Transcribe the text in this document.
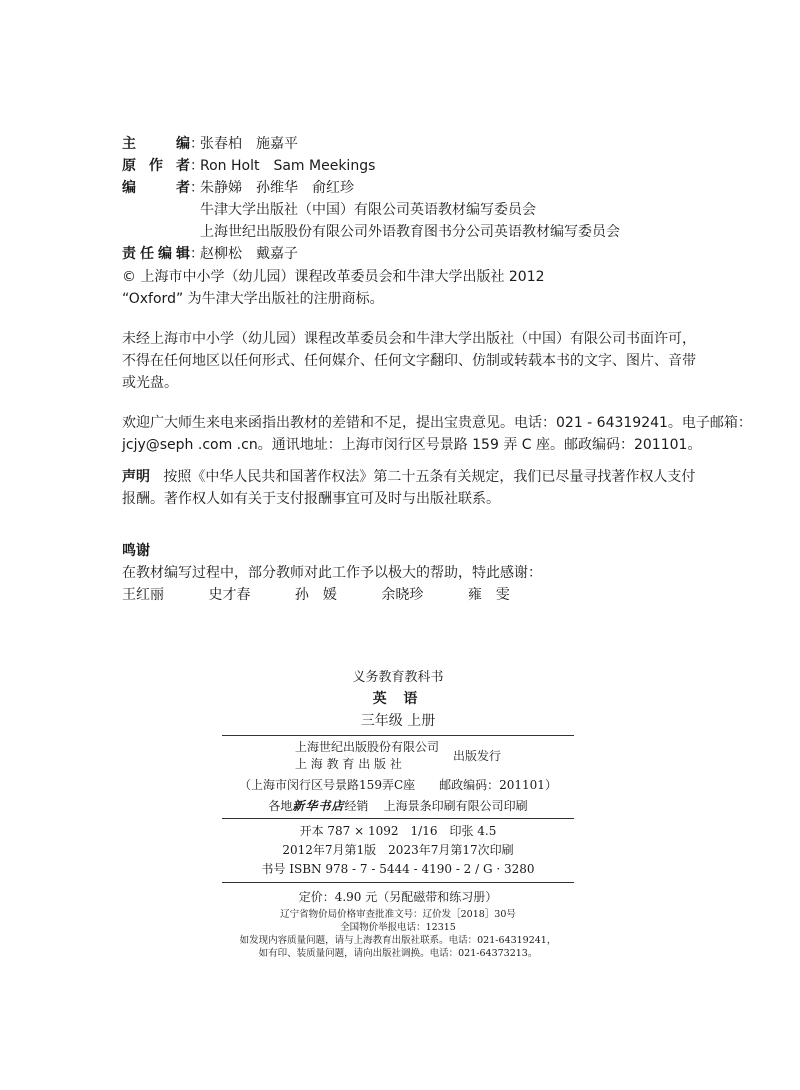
主	编 ：
张春柏　施嘉平
原 作 者 ：
Ron Holt　Sam Meekings
编	者 ：
朱静娣　孙维华　俞红珍
牛津大学出版社（中国）有限公司英语教材编写委员会
上海世纪出版股份有限公司外语教育图书分公司英语教材编写委员会
责 任 编 辑 ：
赵柳松　戴嘉子
© 上海市中小学（幼儿园）课程改革委员会和牛津大学出版社 2012
“Oxford” 为牛津大学出版社的注册商标。
未经上海市中小学（幼儿园）课程改革委员会和牛津大学出版社（中国）有限公司书面许可，
不得在任何地区以任何形式、任何媒介、任何文字翻印、仿制或转载本书的文字、图片、音带
或光盘。
欢迎广大师生来电来函指出教材的差错和不足，提出宝贵意见。电话：021 - 64319241。电子邮箱：
jcjy@seph .com .cn。通讯地址：上海市闵行区号景路 159 弄 C 座。邮政编码：201101。
声明 按照《中华人民共和国著作权法》第二十五条有关规定，我们已尽量寻找著作权人支付
报酬。著作权人如有关于支付报酬事宜可及时与出版社联系。
鸣谢
在教材编写过程中，部分教师对此工作予以极大的帮助，特此感谢：
王红丽	史才春	孙　媛	余晓珍	雍　雯
义务教育教科书
英 语
三年级 上册
上海世纪出版股份有限公司
上 海 教 育 出 版 社
出版发行
（上海市闵行区号景路159弄C座　　邮政编码：201101）
各地新华书店经销 上海景条印刷有限公司印刷
开本 787 × 1092　1/16　印张 4.5
2012年7月第1版　2023年7月第17次印刷
书号 ISBN 978 - 7 - 5444 - 4190 - 2 / G · 3280
定价：4.90 元（另配磁带和练习册）
辽宁省物价局价格审查批准文号：辽价发［2018］30号
全国物价举报电话：12315
如发现内容质量问题，请与上海教育出版社联系。电话：021-64319241，
如有印、装质量问题，请向出版社调换。电话：021-64373213。
